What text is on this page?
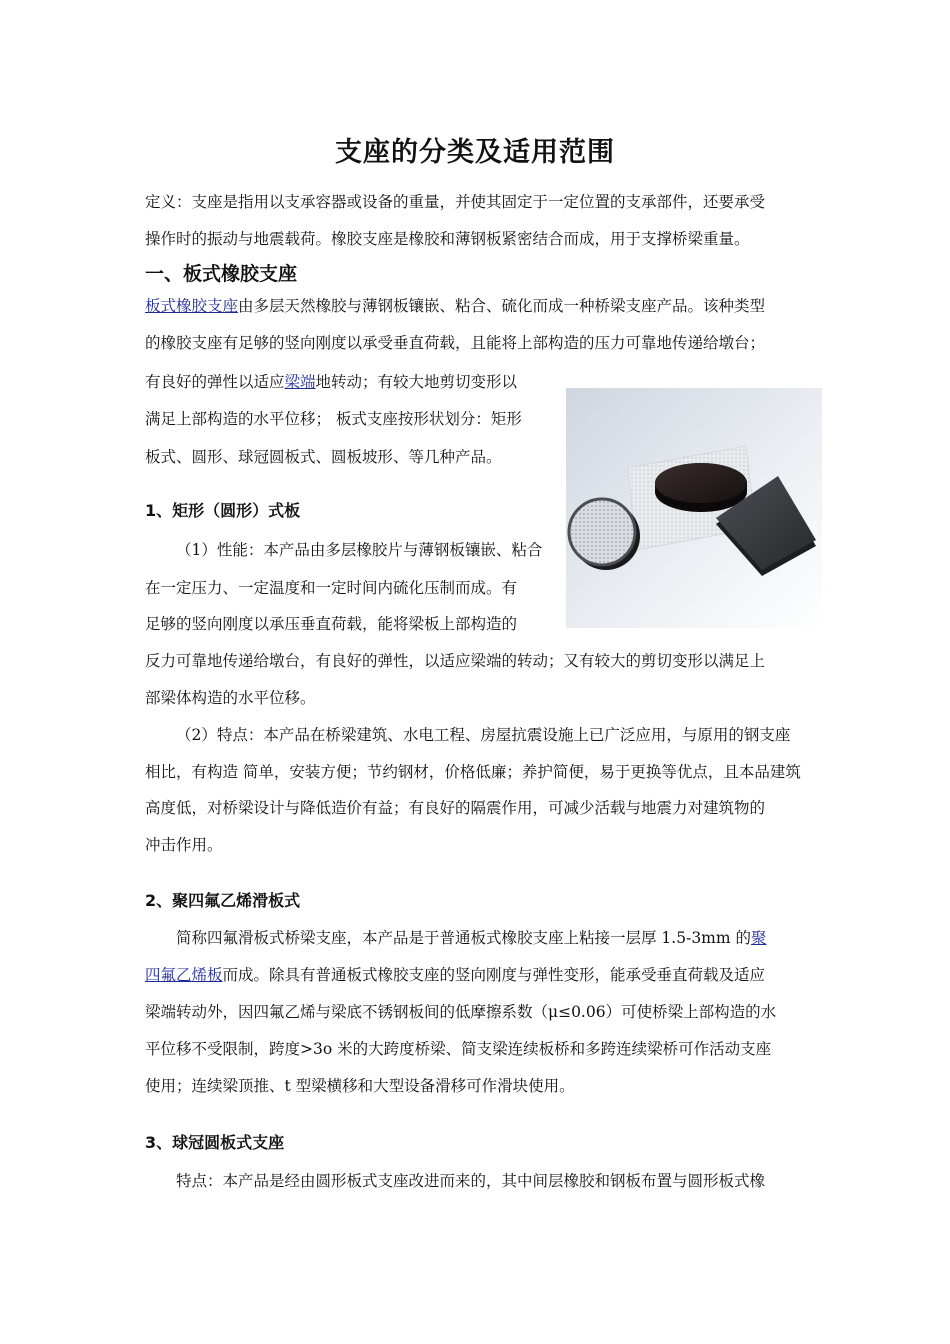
支座的分类及适用范围

定义：支座是指用以支承容器或设备的重量，并使其固定于一定位置的支承部件，还要承受

操作时的振动与地震载荷。橡胶支座是橡胶和薄钢板紧密结合而成，用于支撑桥梁重量。

一、板式橡胶支座

板式橡胶支座由多层天然橡胶与薄钢板镶嵌、粘合、硫化而成一种桥梁支座产品。该种类型

的橡胶支座有足够的竖向刚度以承受垂直荷载，且能将上部构造的压力可靠地传递给墩台；

有良好的弹性以适应梁端地转动；有较大地剪切变形以

满足上部构造的水平位移； 板式支座按形状划分：矩形

板式、圆形、球冠圆板式、圆板坡形、等几种产品。

1、矩形（圆形）式板

（1）性能：本产品由多层橡胶片与薄钢板镶嵌、粘合

在一定压力、一定温度和一定时间内硫化压制而成。有

足够的竖向刚度以承压垂直荷载，能将梁板上部构造的

反力可靠地传递给墩台，有良好的弹性，以适应梁端的转动；又有较大的剪切变形以满足上

部梁体构造的水平位移。

（2）特点：本产品在桥梁建筑、水电工程、房屋抗震设施上已广泛应用，与原用的钢支座

相比，有构造 简单，安装方便；节约钢材，价格低廉；养护简便，易于更换等优点，且本品建筑

高度低，对桥梁设计与降低造价有益；有良好的隔震作用，可减少活载与地震力对建筑物的

冲击作用。

2、聚四氟乙烯滑板式

简称四氟滑板式桥梁支座，本产品是于普通板式橡胶支座上粘接一层厚 1.5-3mm 的聚

四氟乙烯板而成。除具有普通板式橡胶支座的竖向刚度与弹性变形，能承受垂直荷载及适应

梁端转动外，因四氟乙烯与梁底不锈钢板间的低摩擦系数（μ≤0.06）可使桥梁上部构造的水

平位移不受限制，跨度>3o 米的大跨度桥梁、简支梁连续板桥和多跨连续梁桥可作活动支座

使用；连续梁顶推、t 型梁横移和大型设备滑移可作滑块使用。

3、球冠圆板式支座

特点：本产品是经由圆形板式支座改进而来的，其中间层橡胶和钢板布置与圆形板式橡
